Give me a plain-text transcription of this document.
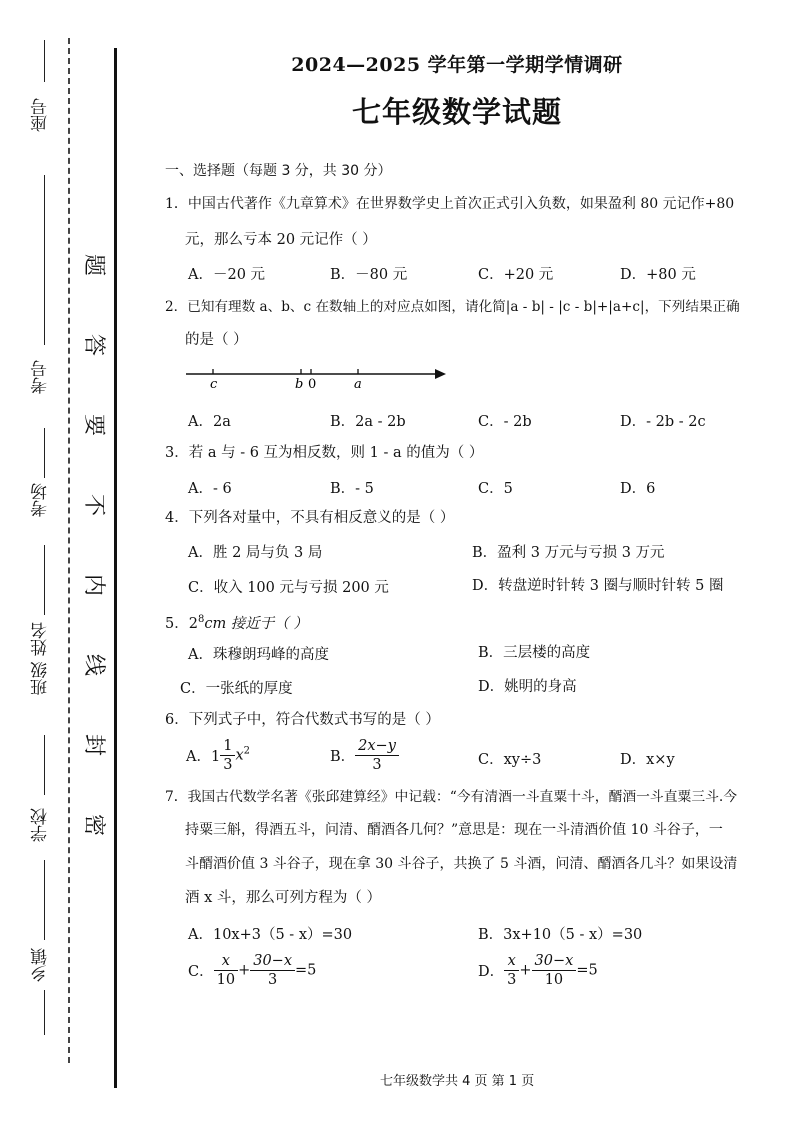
座号
考号
考场
班级 姓名
学校
乡镇
题
答
要
不
内
线
封
密
2024—2025 学年第一学期学情调研
七年级数学试题
一、选择题（每题 3 分，共 30 分）
1．中国古代著作《九章算术》在世界数学史上首次正式引入负数，如果盈利 80 元记作+80
元，那么亏本 20 元记作（ ）
A．－20 元	B．－80 元	C．+20 元	D．+80 元
2．已知有理数 a、b、c 在数轴上的对应点如图，请化简|a - b| - |c - b|+|a+c|，下列结果正确
的是（ ）
c	b 0	a
A．2a	B．2a - 2b	C．- 2b	D．- 2b - 2c
3．若 a 与 - 6 互为相反数，则 1 - a 的值为（ ）
A．- 6	B．- 5	C．5	D．6
4．下列各对量中，不具有相反意义的是（ ）
A．胜 2 局与负 3 局	B．盈利 3 万元与亏损 3 万元
C．收入 100 元与亏损 200 元	D．转盘逆时针转 3 圈与顺时针转 5 圈
5．$2^8cm$ 接近于（ ）
A．珠穆朗玛峰的高度	B．三层楼的高度
C．一张纸的厚度	D．姚明的身高
6．下列式子中，符合代数式书写的是（ ）
A．$1 \frac{1}{3} x^2$	B． $\frac{2x-y}{3}$	C．xy÷3	D．x×y
7．我国古代数学名著《张邱建算经》中记载：“今有清酒一斗直粟十斗，醑酒一斗直粟三斗.今
持粟三斛，得酒五斗，问清、醑酒各几何？”意思是：现在一斗清酒价值 10 斗谷子，一
斗醑酒价值 3 斗谷子，现在拿 30 斗谷子，共换了 5 斗酒，问清、醑酒各几斗？如果设清
酒 x 斗，那么可列方程为（ ）
A．10x+3（5 - x）=30	B．3x+10（5 - x）=30
C． $\frac{x}{10} + \frac{30-x}{3} =5$	D． $\frac{x}{3} + \frac{30-x}{10} =5$
七年级数学共 4 页 第 1 页
